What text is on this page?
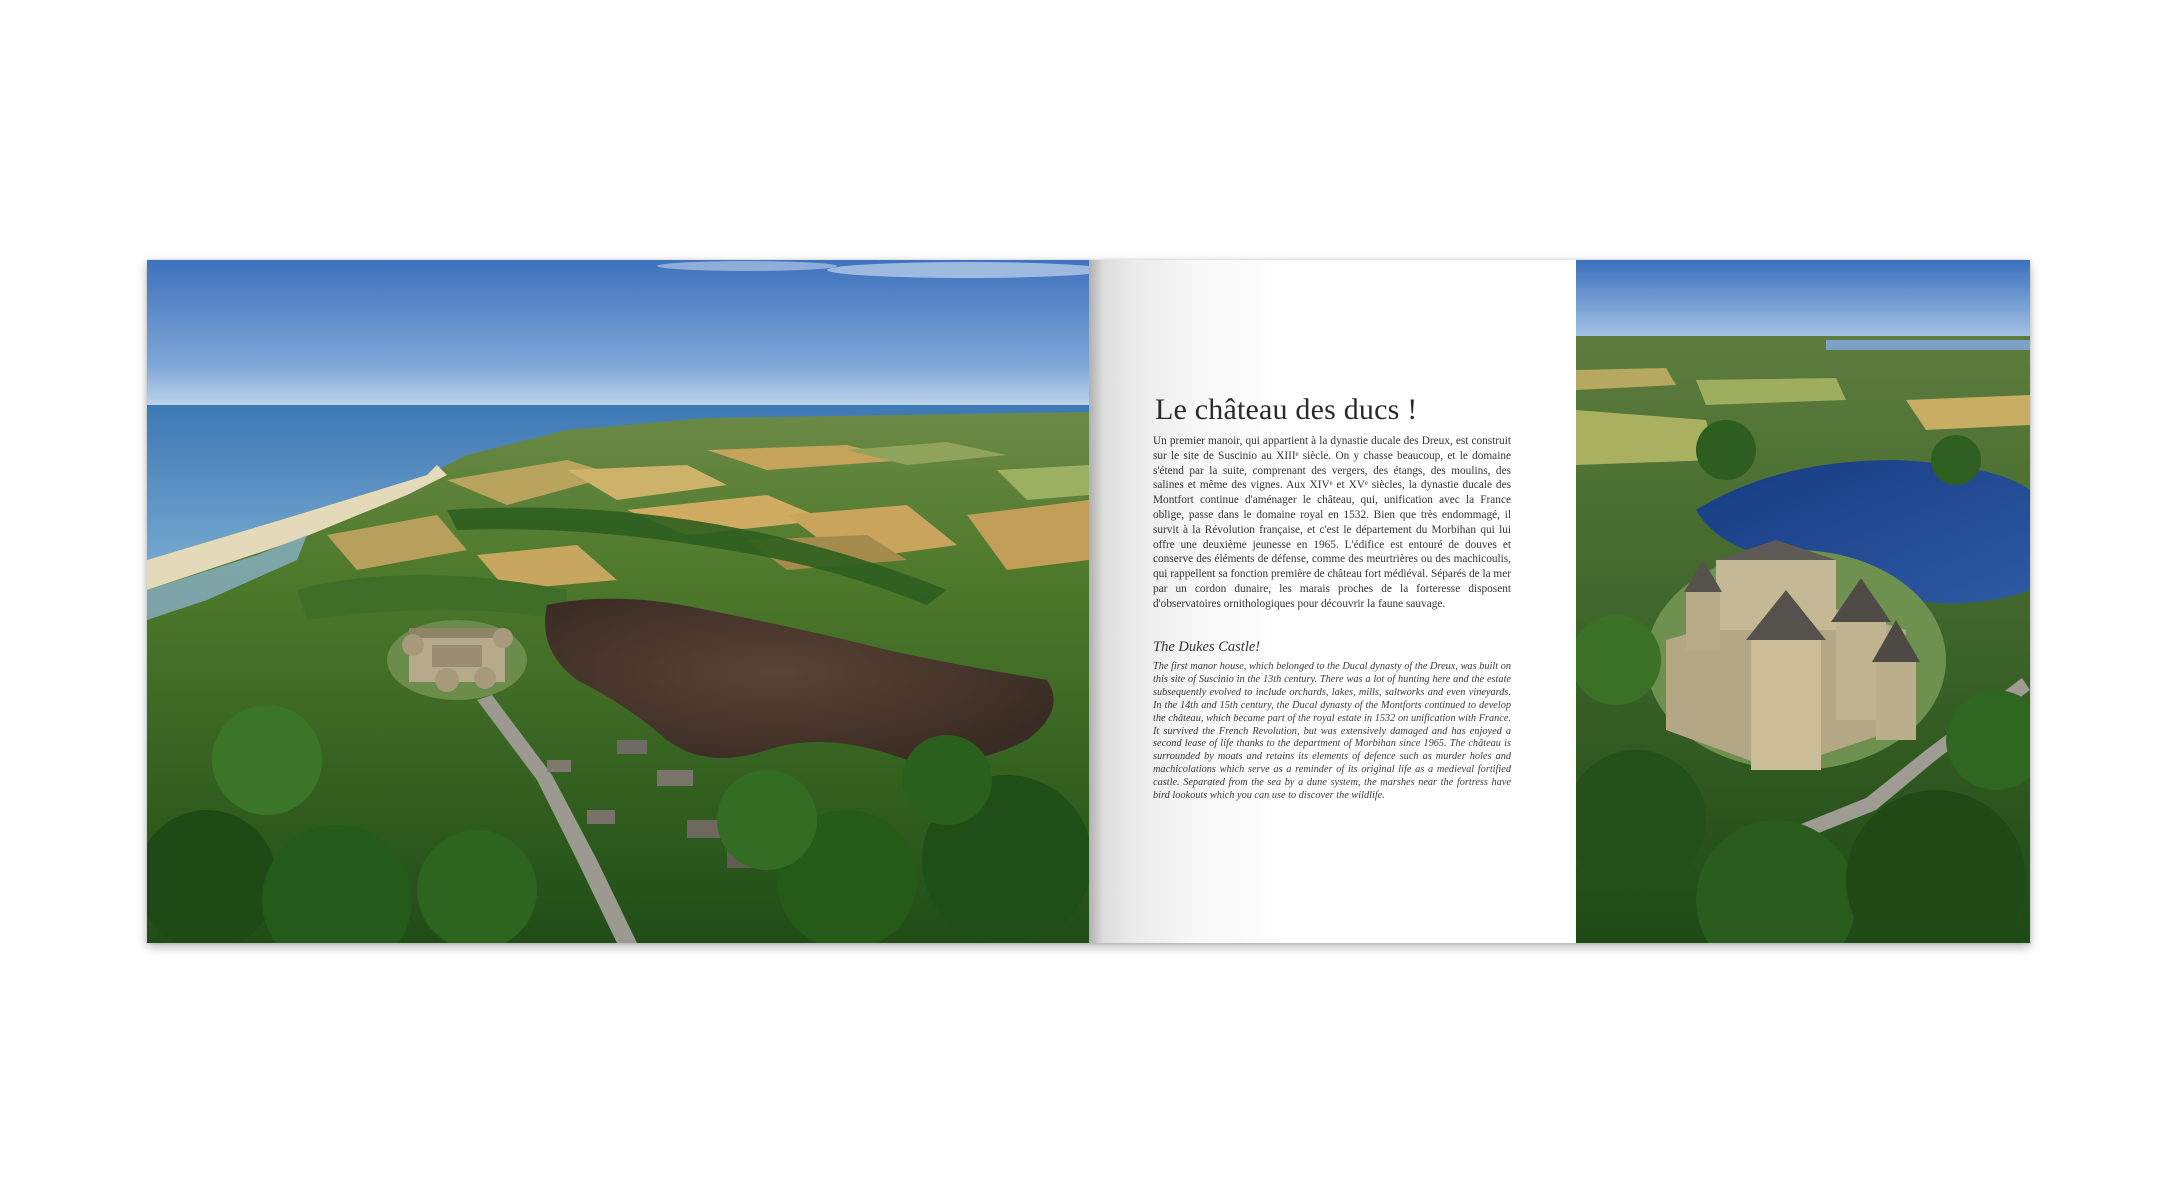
Le château des ducs !

Un premier manoir, qui appartient à la dynastie ducale des Dreux, est construit sur le site de Suscinio au XIIIᵉ siècle. On y chasse beaucoup, et le domaine s'étend par la suite, comprenant des vergers, des étangs, des moulins, des salines et même des vignes. Aux XIVᵉ et XVᵉ siècles, la dynastie ducale des Montfort continue d'aménager le château, qui, unification avec la France oblige, passe dans le domaine royal en 1532. Bien que très endommagé, il survit à la Révolution française, et c'est le département du Morbihan qui lui offre une deuxième jeunesse en 1965. L'édifice est entouré de douves et conserve des éléments de défense, comme des meurtrières ou des machicoulis, qui rappellent sa fonction première de château fort médiéval. Séparés de la mer par un cordon dunaire, les marais proches de la forteresse disposent d'observatoires ornithologiques pour découvrir la faune sauvage.

The Dukes Castle!

The first manor house, which belonged to the Ducal dynasty of the Dreux, was built on this site of Suscinio in the 13th century. There was a lot of hunting here and the estate subsequently evolved to include orchards, lakes, mills, saltworks and even vineyards. In the 14th and 15th century, the Ducal dynasty of the Montforts continued to develop the château, which became part of the royal estate in 1532 on unification with France. It survived the French Revolution, but was extensively damaged and has enjoyed a second lease of life thanks to the department of Morbihan since 1965. The château is surrounded by moats and retains its elements of defence such as murder holes and machicolations which serve as a reminder of its original life as a medieval fortified castle. Separated from the sea by a dune system, the marshes near the fortress have bird lookouts which you can use to discover the wildlife.
